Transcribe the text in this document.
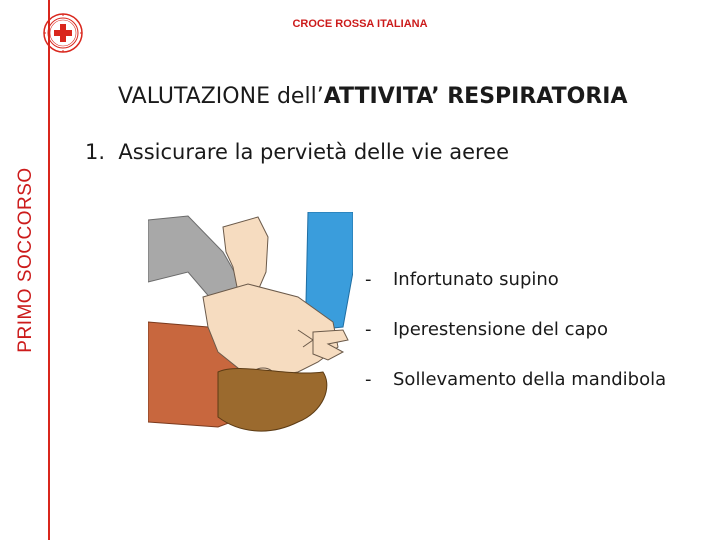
PRIMO SOCCORSO
CROCE ROSSA ITALIANA
VALUTAZIONE dell’ATTIVITA’ RESPIRATORIA
1. Assicurare la pervietà delle vie aeree
- Infortunato supino
- Iperestensione del capo
- Sollevamento della mandibola
